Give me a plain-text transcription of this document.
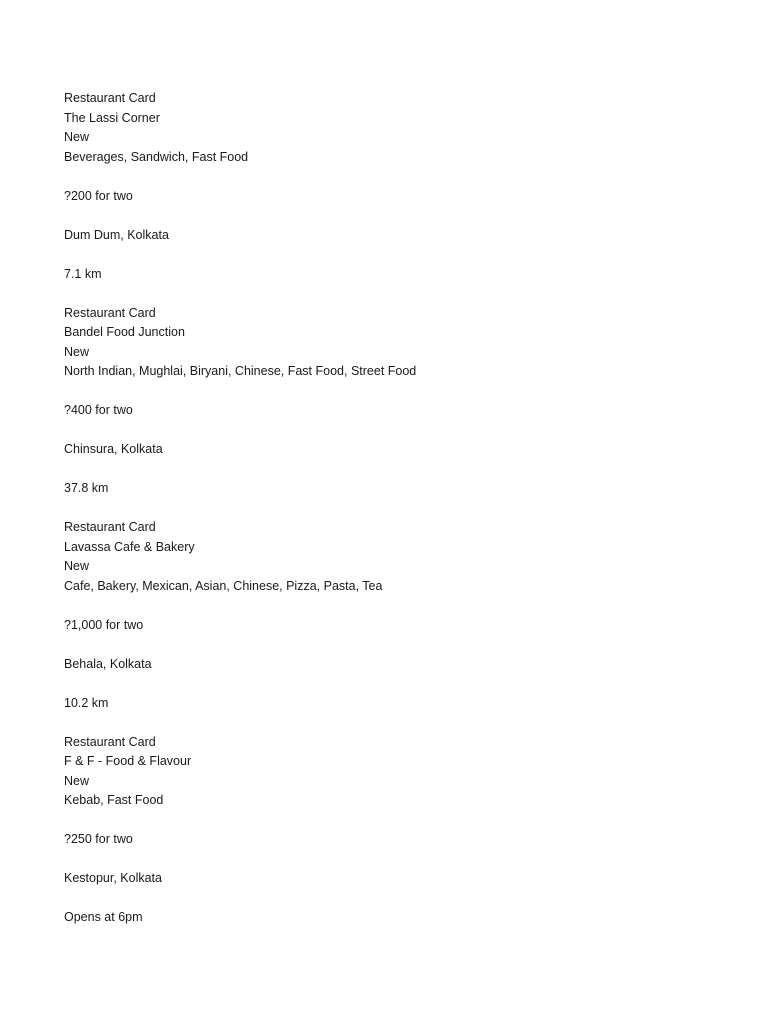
Restaurant Card
The Lassi Corner
New
Beverages, Sandwich, Fast Food
?200 for two
Dum Dum, Kolkata
7.1 km
Restaurant Card
Bandel Food Junction
New
North Indian, Mughlai, Biryani, Chinese, Fast Food, Street Food
?400 for two
Chinsura, Kolkata
37.8 km
Restaurant Card
Lavassa Cafe & Bakery
New
Cafe, Bakery, Mexican, Asian, Chinese, Pizza, Pasta, Tea
?1,000 for two
Behala, Kolkata
10.2 km
Restaurant Card
F & F - Food & Flavour
New
Kebab, Fast Food
?250 for two
Kestopur, Kolkata
Opens at 6pm
